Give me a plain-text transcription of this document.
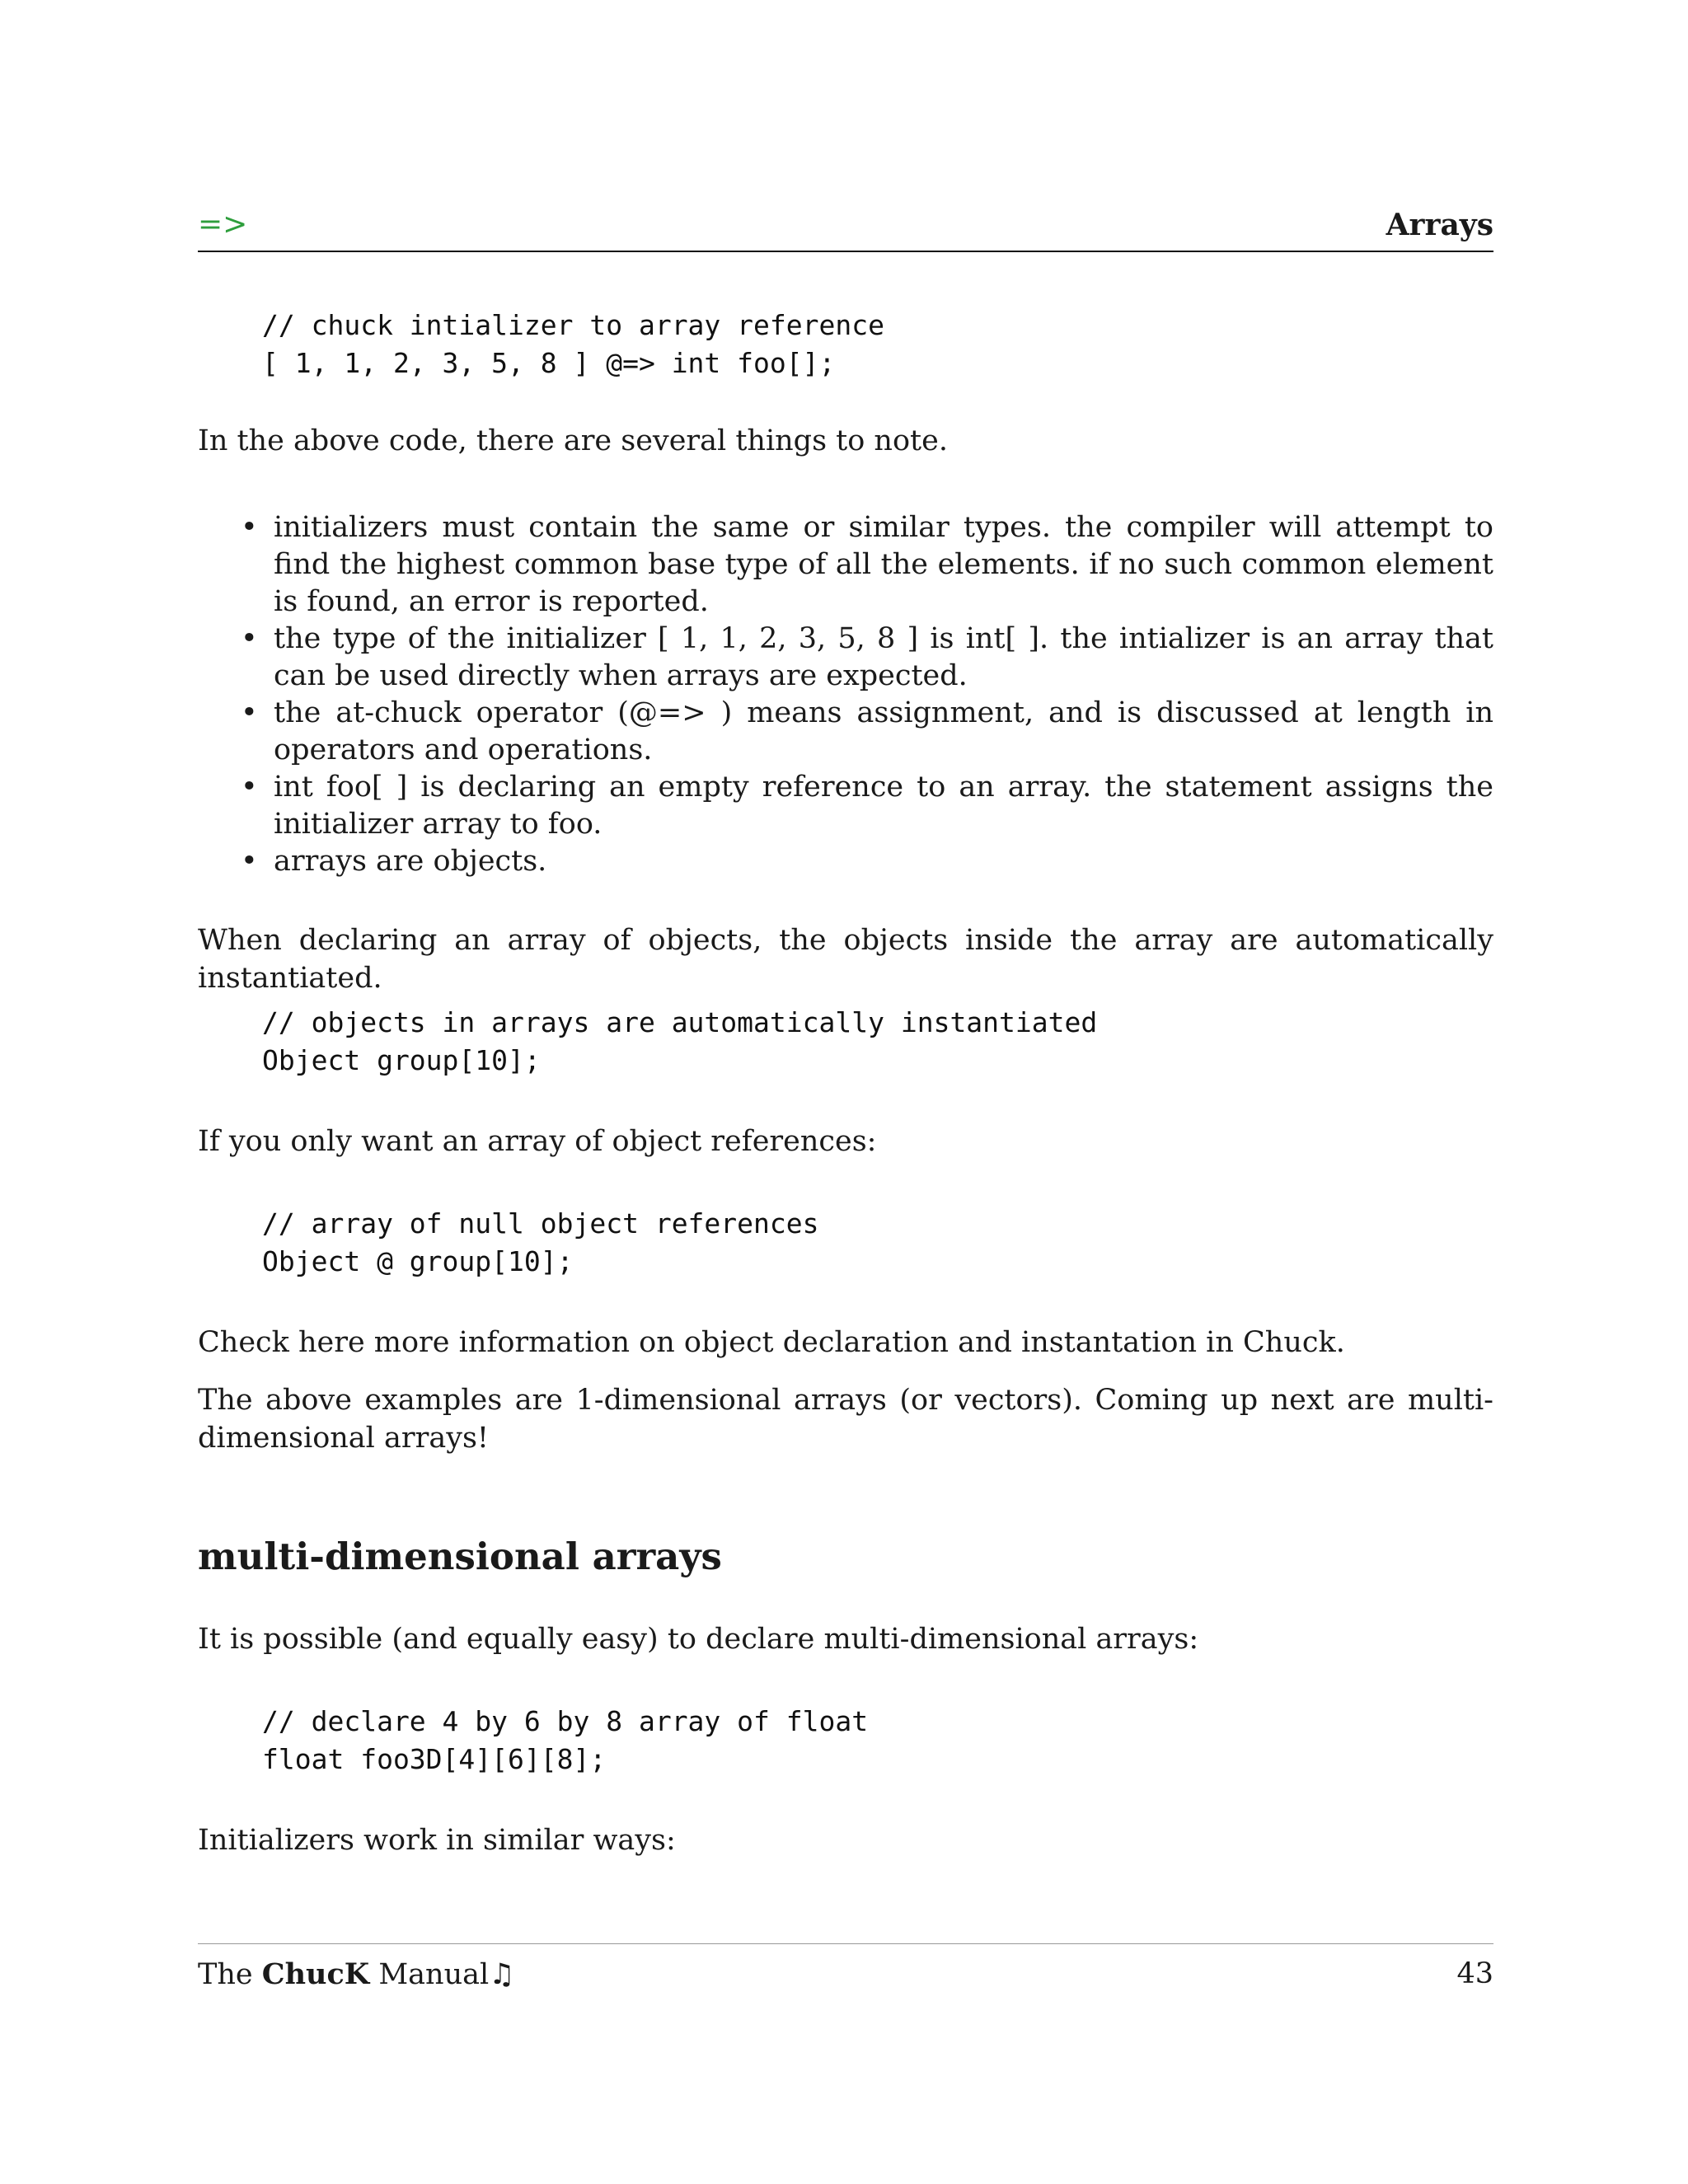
=>	Arrays
// chuck intializer to array reference
[ 1, 1, 2, 3, 5, 8 ] @=> int foo[];
In the above code, there are several things to note.
• initializers must contain the same or similar types. the compiler will attempt to find the highest common base type of all the elements. if no such common element is found, an error is reported.
• the type of the initializer [ 1, 1, 2, 3, 5, 8 ] is int[ ]. the intializer is an array that can be used directly when arrays are expected.
• the at-chuck operator (@=> ) means assignment, and is discussed at length in operators and operations.
• int foo[ ] is declaring an empty reference to an array. the statement assigns the initializer array to foo.
• arrays are objects.
When declaring an array of objects, the objects inside the array are automatically instantiated.
// objects in arrays are automatically instantiated
Object group[10];
If you only want an array of object references:
// array of null object references
Object @ group[10];
Check here more information on object declaration and instantation in Chuck.
The above examples are 1-dimensional arrays (or vectors). Coming up next are multi-dimensional arrays!
multi-dimensional arrays
It is possible (and equally easy) to declare multi-dimensional arrays:
// declare 4 by 6 by 8 array of float
float foo3D[4][6][8];
Initializers work in similar ways:
The ChucK Manual♫	43
